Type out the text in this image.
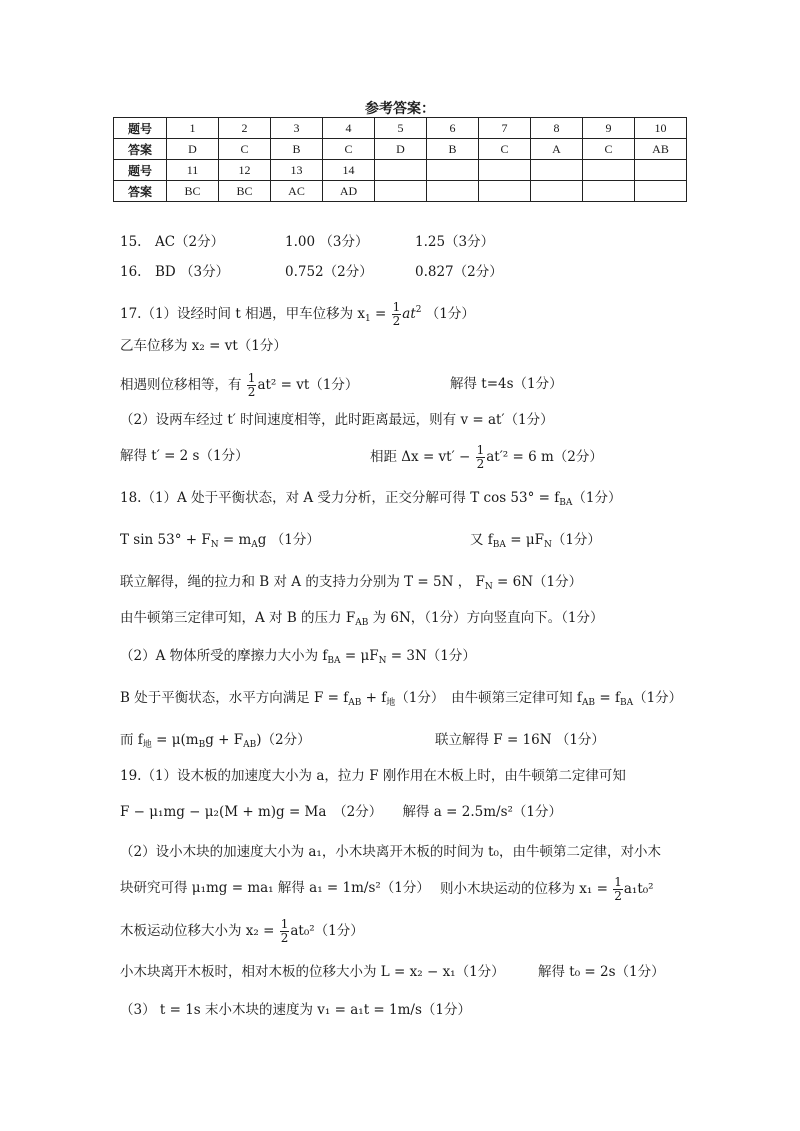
参考答案：
题号	1	2	3	4	5	6	7	8	9	10
答案	D	C	B	C	D	B	C	A	C	AB
题号	11	12	13	14						
答案	BC	BC	AC	AD						
15.　AC（2分）	1.00 （3分）	1.25（3分）
16.　BD （3分）	0.752（2分）	0.827（2分）
17.（1）设经时间 t 相遇，甲车位移为 $x_1 = \frac{1}{2} at^2$ （1分）
乙车位移为 x₂ = vt（1分）
相遇则位移相等，有 $\frac{1}{2} at^2 = vt(1$分）	解得 t=4s（1分）
（2）设两车经过 t′ 时间速度相等，此时距离最远，则有 v = at′（1分）
解得 t′ = 2 s（1分）	相距 $\Delta x = vt' - \frac{1}{2} at'^2 = 6$ m（2分）
18.（1）A 处于平衡状态，对 A 受力分析，正交分解可得 T $\cos 53^\circ = f_{BA}(1$分）
T $\sin 53^\circ + F_N = m_Ag$ （1分）	又 $f_{BA} = \mu F_N(1$分）
联立解得，绳的拉力和 B 对 A 的支持力分别为 T = 5N ， $F_N = 6N(1$分）
由牛顿第三定律可知，A 对 B 的压力 $F_{AB}$ 为 6N，（1分）方向竖直向下。（1分）
（2）A 物体所受的摩擦力大小为 $f_{BA} = \mu F_N = 3N(1$分）
B 处于平衡状态，水平方向满足 $F = f_{AB} + f_地(1$分）　由牛顿第三定律可知 $f_{AB} = f_{BA}(1$分）
而 $f_地 = \mu(m_Bg + F_{AB})(2$分）	联立解得 F = 16N （1分）
19.（1）设木板的加速度大小为 a，拉力 F 刚作用在木板上时，由牛顿第二定律可知
F − μ₁mg − μ₂(M + m)g = Ma　（2分）　　解得 a = 2.5m/s²（1分）
（2）设小木块的加速度大小为 a₁，小木块离开木板的时间为 t₀，由牛顿第二定律，对小木
块研究可得 μ₁mg = ma₁ 解得 a₁ = 1m/s²（1分） 则小木块运动的位移为 $x_1 = \frac{1}{2} a_1t_0^2$
木板运动位移大小为 $x_2 = \frac{1}{2} at_0^2(1$分）
小木块离开木板时，相对木板的位移大小为 L = x₂ − x₁（1分） 解得 t₀ = 2s（1分）
（3） t = 1s 末小木块的速度为 v₁ = a₁t = 1m/s（1分）
